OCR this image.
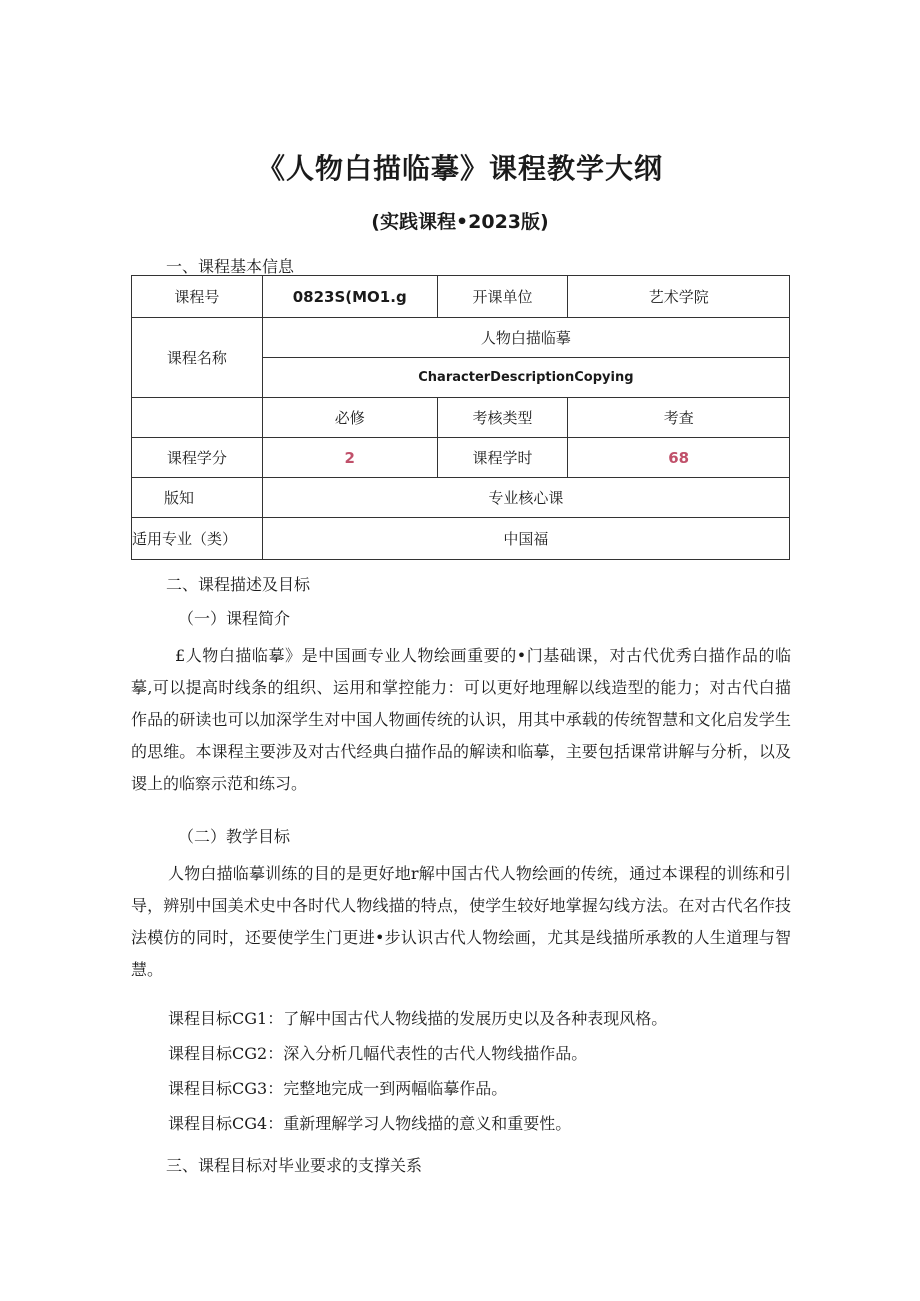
《人物白描临摹》课程教学大纲
(实践课程•2023版)
一、课程基本信息
课程号	0823S(MO1.g	开课单位	艺术学院
课程名称	人物白描临摹		
	CharacterDescriptionCopying		
	必修	考核类型	考查
课程学分	2	课程学时	68
版知	专业核心课		
适用专业（类）	中国福		
二、课程描述及目标
（一）课程简介

£人物白描临摹》是中国画专业人物绘画重要的•门基础课，对古代优秀白描作品的临摹,可以提高时线条的组织、运用和掌控能力：可以更好地理解以线造型的能力；对古代白描作品的研读也可以加深学生对中国人物画传统的认识，用其中承载的传统智慧和文化启发学生的思维。本课程主要涉及对古代经典白描作品的解读和临摹，主要包括课常讲解与分析，以及谡上的临察示范和练习。

（二）教学目标

人物白描临摹训练的目的是更好地r解中国古代人物绘画的传统，通过本课程的训练和引导，辨别中国美术史中各时代人物线描的特点，使学生较好地掌握勾线方法。在对古代名作技法模仿的同时，还要使学生门更进•步认识古代人物绘画，尤其是线描所承教的人生道理与智慧。

课程目标CG1：了解中国古代人物线描的发展历史以及各种表现风格。
课程目标CG2：深入分析几幅代表性的古代人物线描作品。
课程目标CG3：完整地完成一到两幅临摹作品。
课程目标CG4：重新理解学习人物线描的意义和重要性。
三、课程目标对毕业要求的支撑关系
